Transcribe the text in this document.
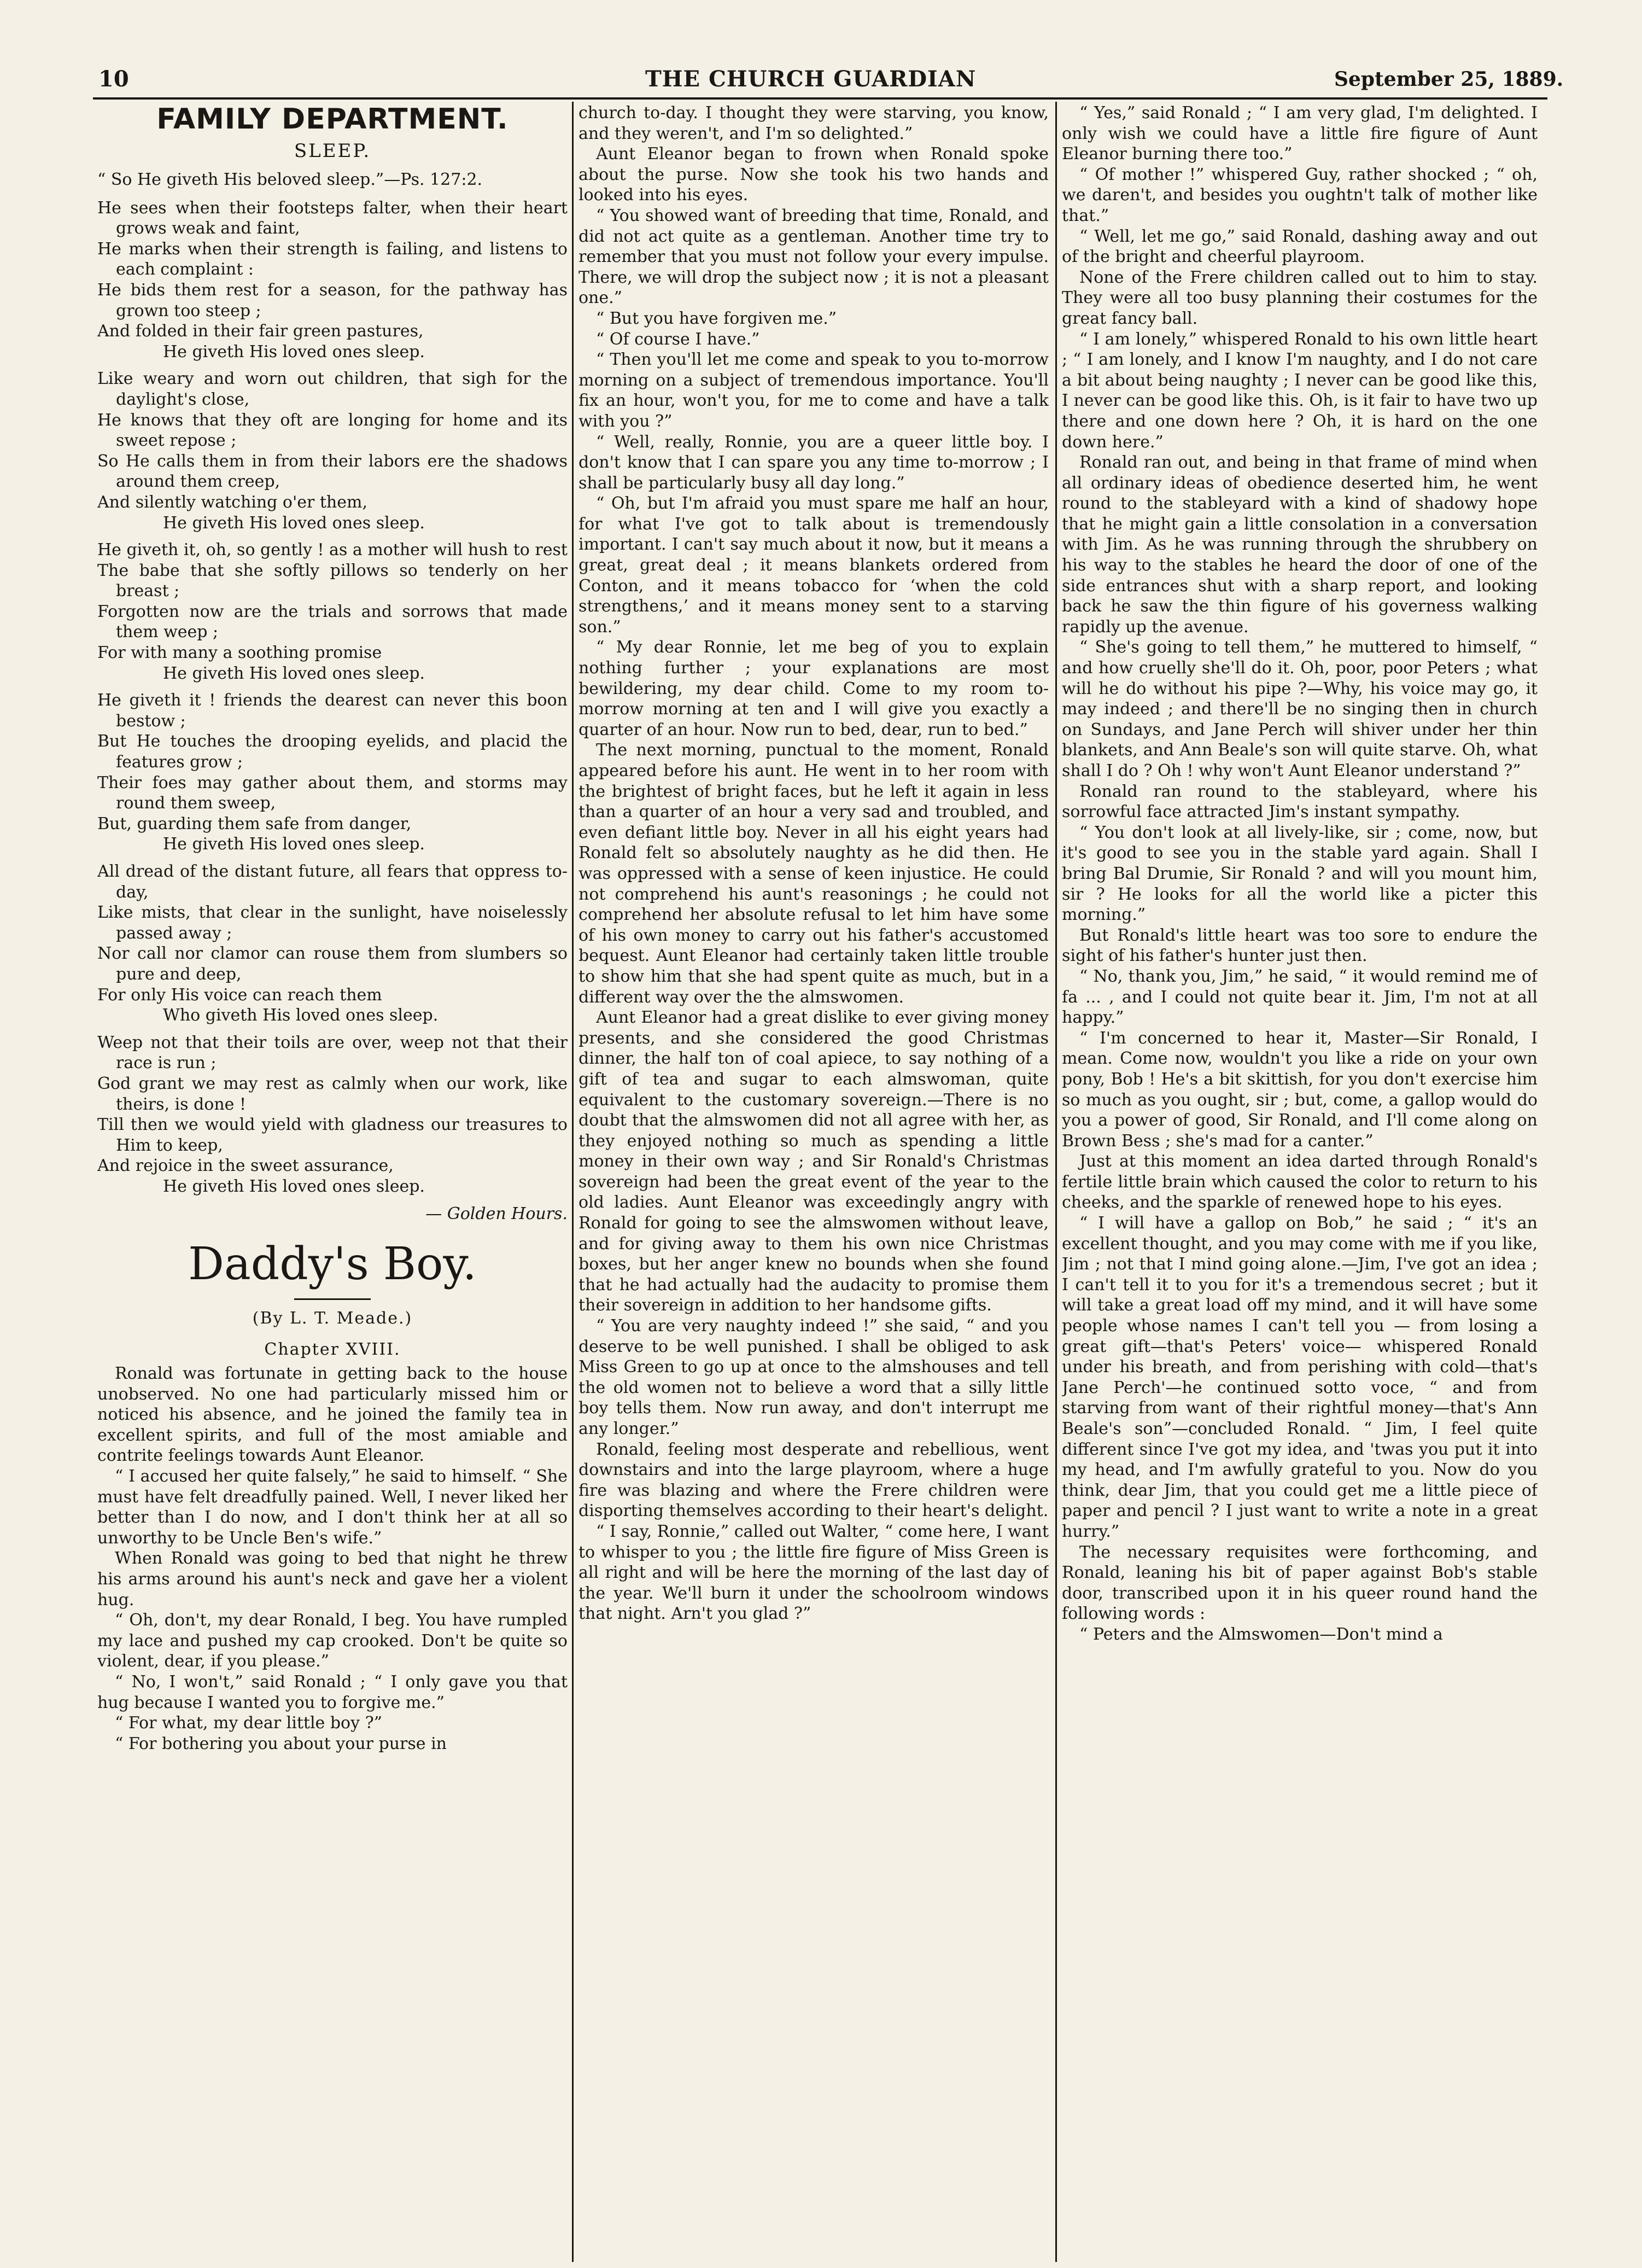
10	THE CHURCH GUARDIAN	September 25, 1889.
FAMILY DEPARTMENT.
SLEEP.
“ So He giveth His beloved sleep.”—Ps. 127:2.
He sees when their footsteps falter, when their heart grows weak and faint,
He marks when their strength is failing, and listens to each complaint :
He bids them rest for a season, for the pathway has grown too steep ;
And folded in their fair green pastures,
He giveth His loved ones sleep.
Like weary and worn out children, that sigh for the daylight's close,
He knows that they oft are longing for home and its sweet repose ;
So He calls them in from their labors ere the shadows around them creep,
And silently watching o'er them,
He giveth His loved ones sleep.
He giveth it, oh, so gently ! as a mother will hush to rest
The babe that she softly pillows so tenderly on her breast ;
Forgotten now are the trials and sorrows that made them weep ;
For with many a soothing promise
He giveth His loved ones sleep.
He giveth it ! friends the dearest can never this boon bestow ;
But He touches the drooping eyelids, and placid the features grow ;
Their foes may gather about them, and storms may round them sweep,
But, guarding them safe from danger,
He giveth His loved ones sleep.
All dread of the distant future, all fears that oppress to-day,
Like mists, that clear in the sunlight, have noiselessly passed away ;
Nor call nor clamor can rouse them from slumbers so pure and deep,
For only His voice can reach them
Who giveth His loved ones sleep.
Weep not that their toils are over, weep not that their race is run ;
God grant we may rest as calmly when our work, like theirs, is done !
Till then we would yield with gladness our treasures to Him to keep,
And rejoice in the sweet assurance,
He giveth His loved ones sleep.
— Golden Hours.
Daddy's Boy.
(By L. T. Meade.)
Chapter XVIII.

Ronald was fortunate in getting back to the house unobserved. No one had particularly missed him or noticed his absence, and he joined the family tea in excellent spirits, and full of the most amiable and contrite feelings towards Aunt Eleanor.

“ I accused her quite falsely,” he said to himself. “ She must have felt dreadfully pained. Well, I never liked her better than I do now, and I don't think her at all so unworthy to be Uncle Ben's wife.”

When Ronald was going to bed that night he threw his arms around his aunt's neck and gave her a violent hug.

“ Oh, don't, my dear Ronald, I beg. You have rumpled my lace and pushed my cap crooked. Don't be quite so violent, dear, if you please.”

“ No, I won't,” said Ronald ; “ I only gave you that hug because I wanted you to forgive me.”

“ For what, my dear little boy ?”

“ For bothering you about your purse in

church to-day. I thought they were starving, you know, and they weren't, and I'm so delighted.”

Aunt Eleanor began to frown when Ronald spoke about the purse. Now she took his two hands and looked into his eyes.

“ You showed want of breeding that time, Ronald, and did not act quite as a gentleman. Another time try to remember that you must not follow your every impulse. There, we will drop the subject now ; it is not a pleasant one.”

“ But you have forgiven me.”

“ Of course I have.”

“ Then you'll let me come and speak to you to-morrow morning on a subject of tremendous importance. You'll fix an hour, won't you, for me to come and have a talk with you ?”

“ Well, really, Ronnie, you are a queer little boy. I don't know that I can spare you any time to-morrow ; I shall be particularly busy all day long.”

“ Oh, but I'm afraid you must spare me half an hour, for what I've got to talk about is tremendously important. I can't say much about it now, but it means a great, great deal ; it means blankets ordered from Conton, and it means tobacco for ‘when the cold strengthens,’ and it means money sent to a starving son.”

“ My dear Ronnie, let me beg of you to explain nothing further ; your explanations are most bewildering, my dear child. Come to my room to-morrow morning at ten and I will give you exactly a quarter of an hour. Now run to bed, dear, run to bed.”

The next morning, punctual to the moment, Ronald appeared before his aunt. He went in to her room with the brightest of bright faces, but he left it again in less than a quarter of an hour a very sad and troubled, and even defiant little boy. Never in all his eight years had Ronald felt so absolutely naughty as he did then. He was oppressed with a sense of keen injustice. He could not comprehend his aunt's reasonings ; he could not comprehend her absolute refusal to let him have some of his own money to carry out his father's accustomed bequest. Aunt Eleanor had certainly taken little trouble to show him that she had spent quite as much, but in a different way over the the almswomen.

Aunt Eleanor had a great dislike to ever giving money presents, and she considered the good Christmas dinner, the half ton of coal apiece, to say nothing of a gift of tea and sugar to each almswoman, quite equivalent to the customary sovereign.—There is no doubt that the almswomen did not all agree with her, as they enjoyed nothing so much as spending a little money in their own way ; and Sir Ronald's Christmas sovereign had been the great event of the year to the old ladies. Aunt Eleanor was exceedingly angry with Ronald for going to see the almswomen without leave, and for giving away to them his own nice Christmas boxes, but her anger knew no bounds when she found that he had actually had the audacity to promise them their sovereign in addition to her handsome gifts.

“ You are very naughty indeed !” she said, “ and you deserve to be well punished. I shall be obliged to ask Miss Green to go up at once to the almshouses and tell the old women not to believe a word that a silly little boy tells them. Now run away, and don't interrupt me any longer.”

Ronald, feeling most desperate and rebellious, went downstairs and into the large playroom, where a huge fire was blazing and where the Frere children were disporting themselves according to their heart's delight.

“ I say, Ronnie,” called out Walter, “ come here, I want to whisper to you ; the little fire figure of Miss Green is all right and will be here the morning of the last day of the year. We'll burn it under the schoolroom windows that night. Arn't you glad ?”

“ Yes,” said Ronald ; “ I am very glad, I'm delighted. I only wish we could have a little fire figure of Aunt Eleanor burning there too.”

“ Of mother !” whispered Guy, rather shocked ; “ oh, we daren't, and besides you oughtn't talk of mother like that.”

“ Well, let me go,” said Ronald, dashing away and out of the bright and cheerful playroom.

None of the Frere children called out to him to stay. They were all too busy planning their costumes for the great fancy ball.

“ I am lonely,” whispered Ronald to his own little heart ; “ I am lonely, and I know I'm naughty, and I do not care a bit about being naughty ; I never can be good like this, I never can be good like this. Oh, is it fair to have two up there and one down here ? Oh, it is hard on the one down here.”

Ronald ran out, and being in that frame of mind when all ordinary ideas of obedience deserted him, he went round to the stableyard with a kind of shadowy hope that he might gain a little consolation in a conversation with Jim. As he was running through the shrubbery on his way to the stables he heard the door of one of the side entrances shut with a sharp report, and looking back he saw the thin figure of his governess walking rapidly up the avenue.

“ She's going to tell them,” he muttered to himself, “ and how cruelly she'll do it. Oh, poor, poor Peters ; what will he do without his pipe ?—Why, his voice may go, it may indeed ; and there'll be no singing then in church on Sundays, and Jane Perch will shiver under her thin blankets, and Ann Beale's son will quite starve. Oh, what shall I do ? Oh ! why won't Aunt Eleanor understand ?”

Ronald ran round to the stableyard, where his sorrowful face attracted Jim's instant sympathy.

“ You don't look at all lively-like, sir ; come, now, but it's good to see you in the stable yard again. Shall I bring Bal Drumie, Sir Ronald ? and will you mount him, sir ? He looks for all the world like a picter this morning.”

But Ronald's little heart was too sore to endure the sight of his father's hunter just then.

“ No, thank you, Jim,” he said, “ it would remind me of fa ... , and I could not quite bear it. Jim, I'm not at all happy.”

“ I'm concerned to hear it, Master—Sir Ronald, I mean. Come now, wouldn't you like a ride on your own pony, Bob ! He's a bit skittish, for you don't exercise him so much as you ought, sir ; but, come, a gallop would do you a power of good, Sir Ronald, and I'll come along on Brown Bess ; she's mad for a canter.”

Just at this moment an idea darted through Ronald's fertile little brain which caused the color to return to his cheeks, and the sparkle of renewed hope to his eyes.

“ I will have a gallop on Bob,” he said ; “ it's an excellent thought, and you may come with me if you like, Jim ; not that I mind going alone.—Jim, I've got an idea ; I can't tell it to you for it's a tremendous secret ; but it will take a great load off my mind, and it will have some people whose names I can't tell you — from losing a great gift—that's Peters' voice— whispered Ronald under his breath, and from perishing with cold—that's Jane Perch'—he continued sotto voce, “ and from starving from want of their rightful money—that's Ann Beale's son”—concluded Ronald. “ Jim, I feel quite different since I've got my idea, and 'twas you put it into my head, and I'm awfully grateful to you. Now do you think, dear Jim, that you could get me a little piece of paper and pencil ? I just want to write a note in a great hurry.”

The necessary requisites were forthcoming, and Ronald, leaning his bit of paper against Bob's stable door, transcribed upon it in his queer round hand the following words :

“ Peters and the Almswomen—Don't mind a
